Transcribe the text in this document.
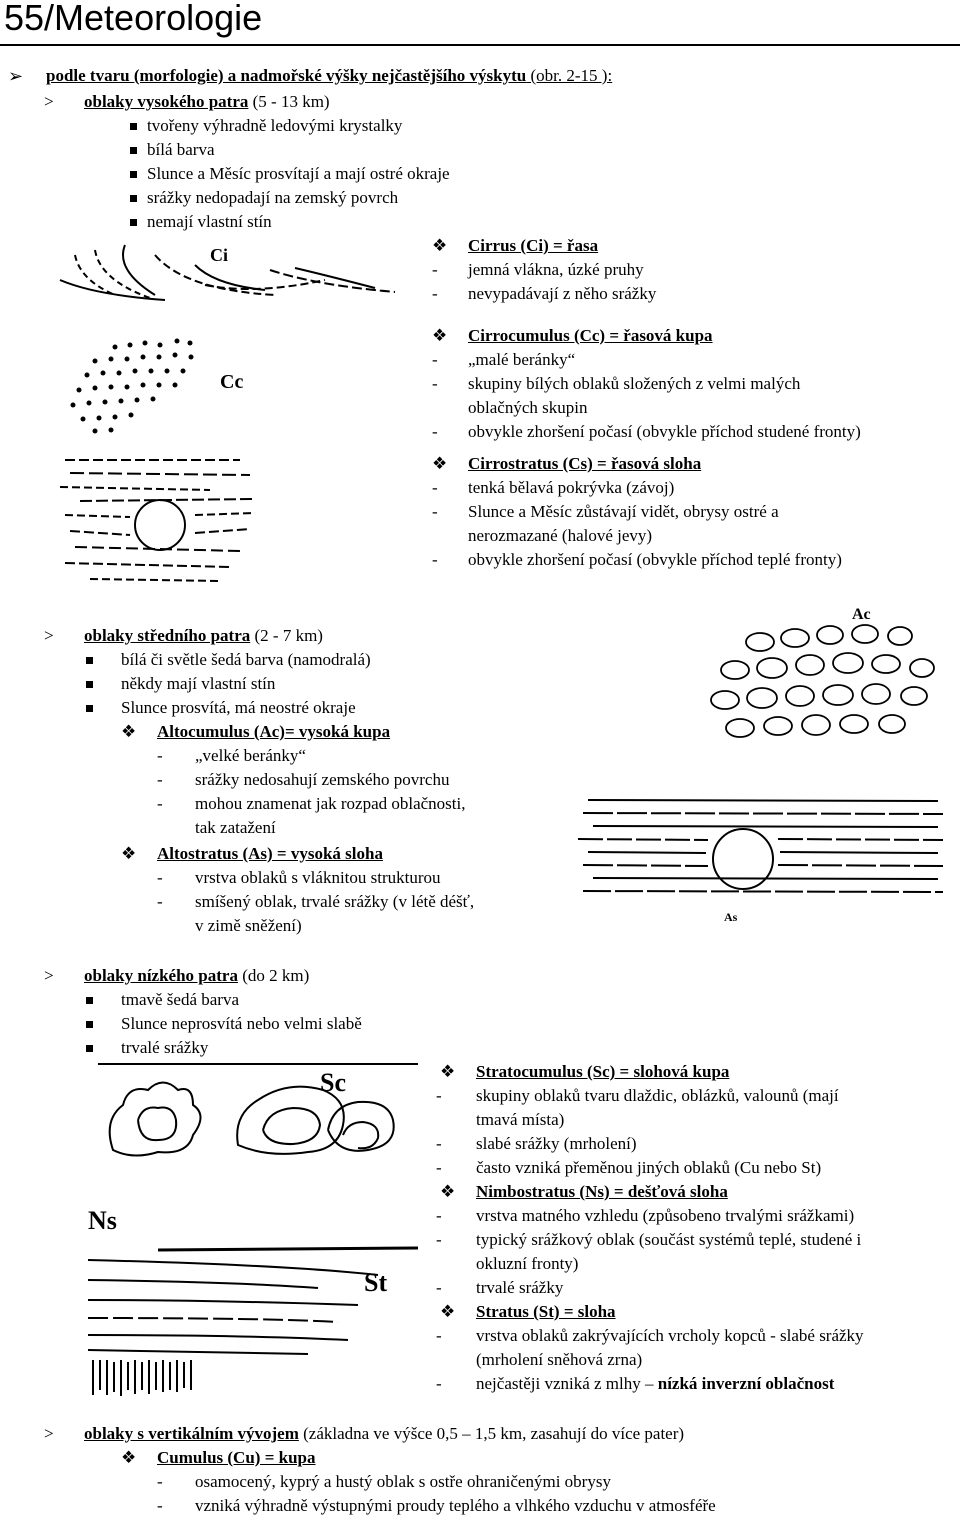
55/Meteorologie
➢ podle tvaru (morfologie) a nadmořské výšky nejčastějšího výskytu (obr. 2-15 ):
> oblaky vysokého patra (5 - 13 km)
tvořeny výhradně ledovými krystalky
bílá barva
Slunce a Měsíc prosvítají a mají ostré okraje
srážky nedopadají na zemský povrch
nemají vlastní stín
❖ Cirrus (Ci) = řasa
- jemná vlákna, úzké pruhy
- nevypadávají z něho srážky
❖ Cirrocumulus (Cc) = řasová kupa
- „malé beránky“
- skupiny bílých oblaků složených z velmi malých
oblačných skupin
- obvykle zhoršení počasí (obvykle příchod studené fronty)
❖ Cirrostratus (Cs) = řasová sloha
- tenká bělavá pokrývka (závoj)
- Slunce a Měsíc zůstávají vidět, obrysy ostré a
nerozmazané (halové jevy)
- obvykle zhoršení počasí (obvykle příchod teplé fronty)
Ci
Cc
> oblaky středního patra (2 - 7 km)
bílá či světle šedá barva (namodralá)
někdy mají vlastní stín
Slunce prosvítá, má neostré okraje
❖ Altocumulus (Ac)= vysoká kupa
- „velké beránky“
- srážky nedosahují zemského povrchu
- mohou znamenat jak rozpad oblačnosti,
tak zatažení
❖ Altostratus (As) = vysoká sloha
- vrstva oblaků s vláknitou strukturou
- smíšený oblak, trvalé srážky (v létě déšť,
v zimě sněžení)
Ac
As
> oblaky nízkého patra (do 2 km)
tmavě šedá barva
Slunce neprosvítá nebo velmi slabě
trvalé srážky
❖ Stratocumulus (Sc) = slohová kupa
- skupiny oblaků tvaru dlaždic, oblázků, valounů (mají
tmavá místa)
- slabé srážky (mrholení)
- často vzniká přeměnou jiných oblaků (Cu nebo St)
❖ Nimbostratus (Ns) = dešťová sloha
- vrstva matného vzhledu (způsobeno trvalými srážkami)
- typický srážkový oblak (součást systémů teplé, studené i
okluzní fronty)
- trvalé srážky
❖ Stratus (St) = sloha
- vrstva oblaků zakrývajících vrcholy kopců - slabé srážky
(mrholení sněhová zrna)
- nejčastěji vzniká z mlhy – nízká inverzní oblačnost
Sc
Ns
St
> oblaky s vertikálním vývojem (základna ve výšce 0,5 – 1,5 km, zasahují do více pater)
❖ Cumulus (Cu) = kupa
- osamocený, kyprý a hustý oblak s ostře ohraničenými obrysy
- vzniká výhradně výstupnými proudy teplého a vlhkého vzduchu v atmosféře
